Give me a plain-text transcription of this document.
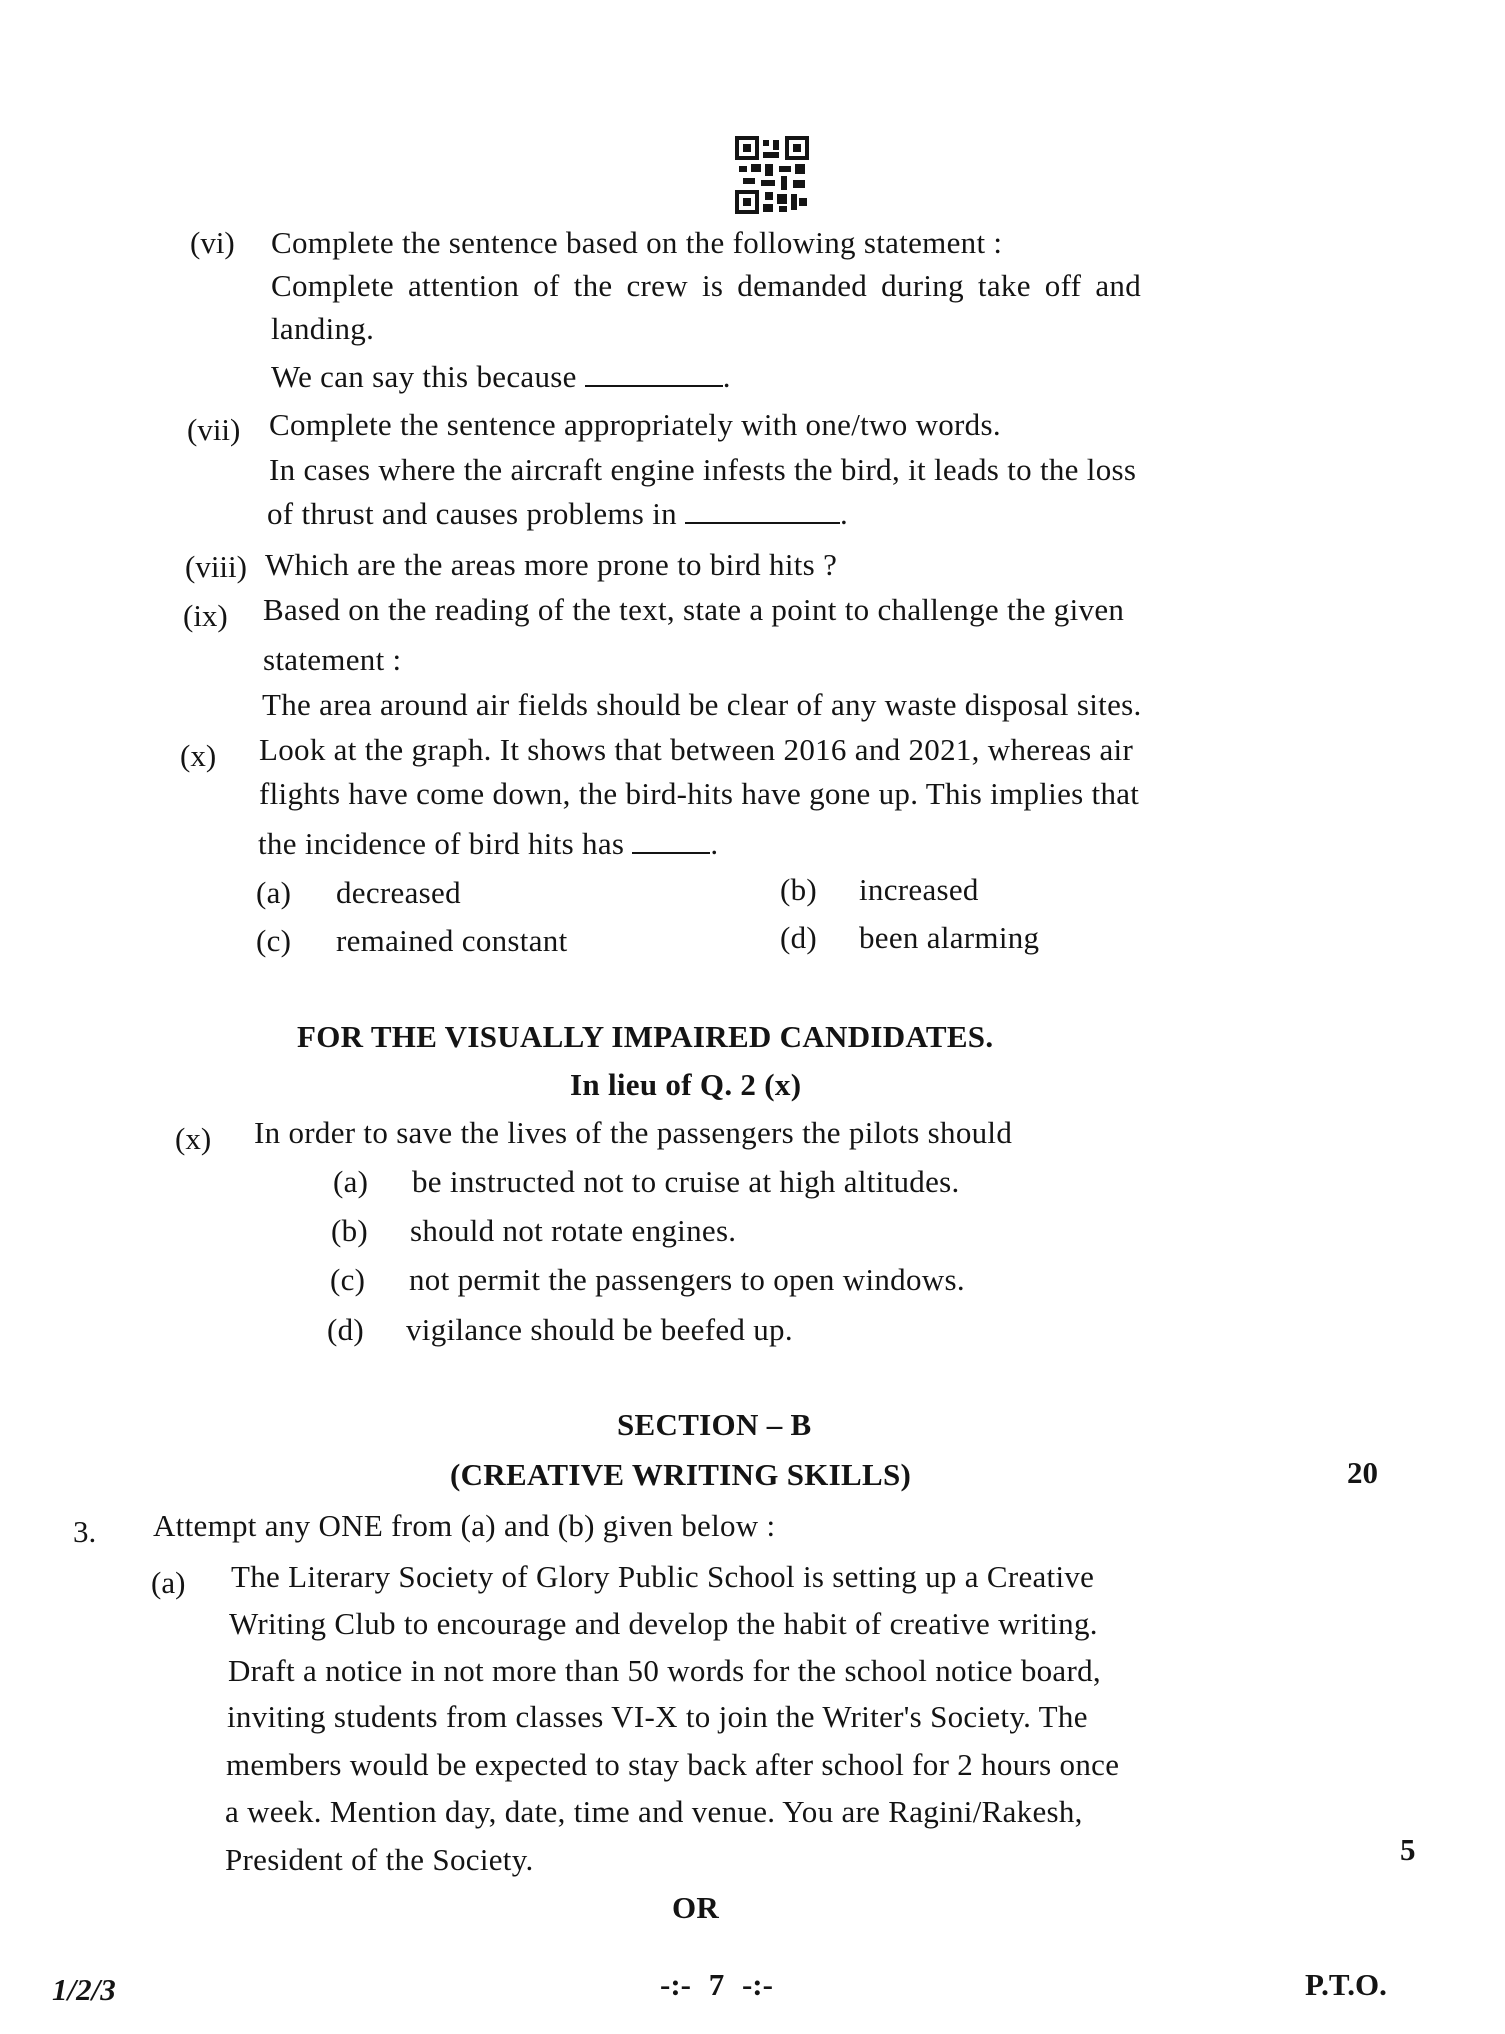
(vi) Complete the sentence based on the following statement :
Complete attention of the crew is demanded during take off and
landing.
We can say this because	.
(vii) Complete the sentence appropriately with one/two words.
In cases where the aircraft engine infests the bird, it leads to the loss
of thrust and causes problems in	.
(viii) Which are the areas more prone to bird hits ?
(ix) Based on the reading of the text, state a point to challenge the given
statement :
The area around air fields should be clear of any waste disposal sites.
(x) Look at the graph. It shows that between 2016 and 2021, whereas air
flights have come down, the bird-hits have gone up. This implies that
the incidence of bird hits has	.
(a) decreased	(b) increased
(c) remained constant	(d) been alarming
FOR THE VISUALLY IMPAIRED CANDIDATES.
In lieu of Q. 2 (x)
(x) In order to save the lives of the passengers the pilots should
(a) be instructed not to cruise at high altitudes.
(b) should not rotate engines.
(c) not permit the passengers to open windows.
(d) vigilance should be beefed up.
SECTION – B
(CREATIVE WRITING SKILLS)	20
3. Attempt any ONE from (a) and (b) given below :
(a) The Literary Society of Glory Public School is setting up a Creative
Writing Club to encourage and develop the habit of creative writing.
Draft a notice in not more than 50 words for the school notice board,
inviting students from classes VI-X to join the Writer's Society. The
members would be expected to stay back after school for 2 hours once
a week. Mention day, date, time and venue. You are Ragini/Rakesh,
President of the Society.	5
OR
1/2/3	-:- 7 -:-	P.T.O.
